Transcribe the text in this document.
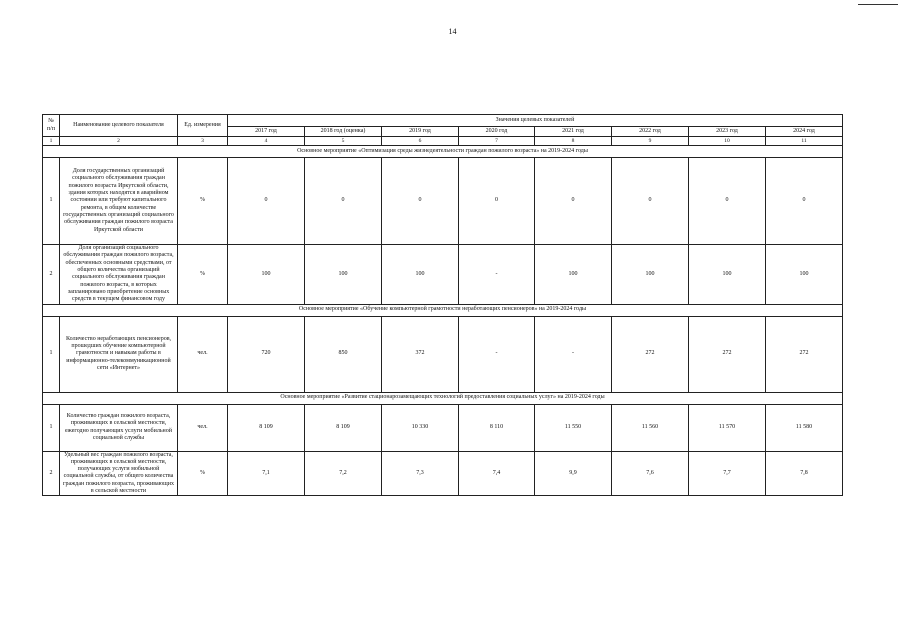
14
№ п/п	Наименование целевого показателя	Ед. измерения	Значения целевых показателей							
			2017 год	2018 год (оценка)	2019 год	2020 год	2021 год	2022 год	2023 год	2024 год
1	2	3	4	5	6	7	8	9	10	11
Основное мероприятие «Оптимизация среды жизнедеятельности граждан пожилого возраста» на 2019-2024 годы										
1	Доля государственных организаций социального обслуживания граждан пожилого возраста Иркутской области, здания которых находятся в аварийном состоянии или требуют капитального ремонта, в общем количестве государственных организаций социального обслуживания граждан пожилого возраста Иркутской области	%	0	0	0	0	0	0	0	0
2	Доля организаций социального обслуживания граждан пожилого возраста, обеспеченных основными средствами, от общего количества организаций социального обслуживания граждан пожилого возраста, в которых запланировано приобретение основных средств в текущем финансовом году	%	100	100	100	-	100	100	100	100
Основное мероприятие «Обучение компьютерной грамотности неработающих пенсионеров» на 2019-2024 годы										
1	Количество неработающих пенсионеров, прошедших обучение компьютерной грамотности и навыкам работы в информационно-телекоммуникационной сети «Интернет»	чел.	720	850	372	-	-	272	272	272
Основное мероприятие «Развитие стационарозамещающих технологий предоставления социальных услуг» на 2019-2024 годы										
1	Количество граждан пожилого возраста, проживающих в сельской местности, ежегодно получающих услуги мобильной социальной службы	чел.	8 109	8 109	10 330	8 110	11 550	11 560	11 570	11 580
2	Удельный вес граждан пожилого возраста, проживающих в сельской местности, получающих услуги мобильной социальной службы, от общего количества граждан пожилого возраста, проживающих в сельской местности	%	7,1	7,2	7,3	7,4	9,9	7,6	7,7	7,8
